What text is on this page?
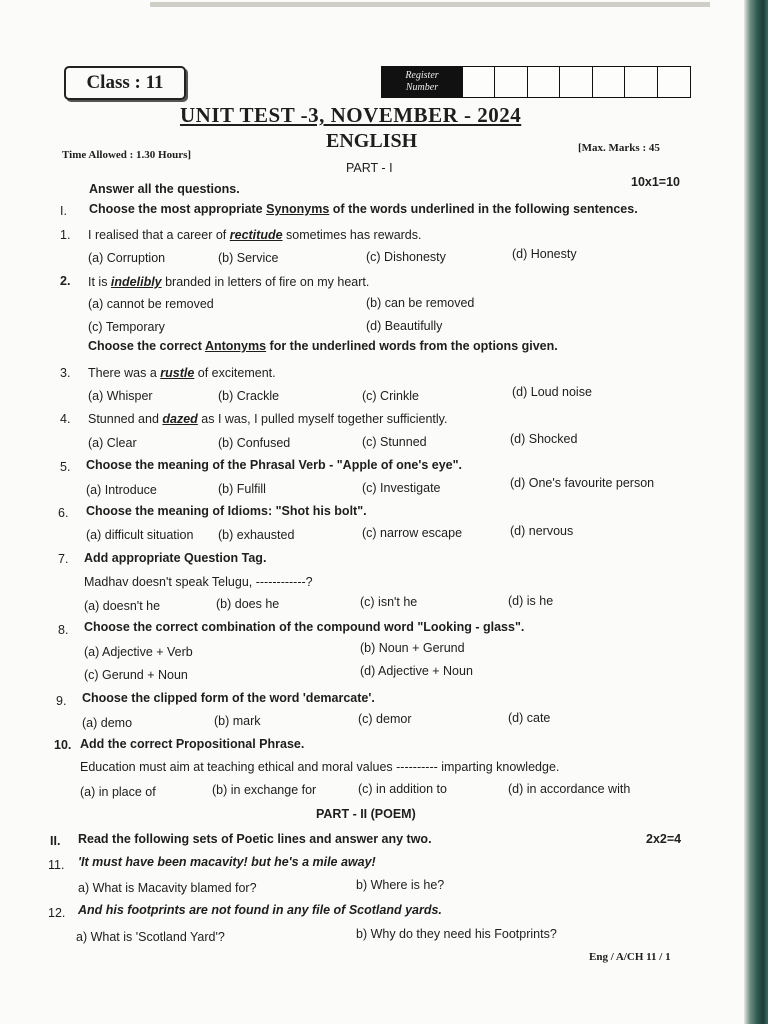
Class : 11	Register
Number
UNIT TEST -3, NOVEMBER - 2024
ENGLISH
Time Allowed : 1.30 Hours]
[Max. Marks : 45
PART - I
10x1=10
Answer all the questions.
I. Choose the most appropriate Synonyms of the words underlined in the following sentences.
1. I realised that a career of rectitude sometimes has rewards.
(a) Corruption	(b) Service	(c) Dishonesty	(d) Honesty
2. It is indelibly branded in letters of fire on my heart.
(a) cannot be removed	(b) can be removed
(c) Temporary	(d) Beautifully
Choose the correct Antonyms for the underlined words from the options given.
3. There was a rustle of excitement.
(a) Whisper	(b) Crackle	(c) Crinkle	(d) Loud noise
4. Stunned and dazed as I was, I pulled myself together sufficiently.
(a) Clear	(b) Confused	(c) Stunned	(d) Shocked
5. Choose the meaning of the Phrasal Verb - "Apple of one's eye".
(a) Introduce	(b) Fulfill	(c) Investigate	(d) One's favourite person
6. Choose the meaning of Idioms: "Shot his bolt".
(a) difficult situation (b) exhausted	(c) narrow escape	(d) nervous
7. Add appropriate Question Tag.
Madhav doesn't speak Telugu, ------------?
(a) doesn't he	(b) does he	(c) isn't he	(d) is he
8. Choose the correct combination of the compound word "Looking - glass".
(a) Adjective + Verb	(b) Noun + Gerund
(c) Gerund + Noun	(d) Adjective + Noun
9. Choose the clipped form of the word 'demarcate'.
(a) demo	(b) mark	(c) demor	(d) cate
10. Add the correct Propositional Phrase.
Education must aim at teaching ethical and moral values ---------- imparting knowledge.
(a) in place of	(b) in exchange for	(c) in addition to	(d) in accordance with
PART - II (POEM)
II. Read the following sets of Poetic lines and answer any two.	2x2=4
11. 'It must have been macavity! but he's a mile away!
a) What is Macavity blamed for?	b) Where is he?
12. And his footprints are not found in any file of Scotland yards.
a) What is 'Scotland Yard'?	b) Why do they need his Footprints?
Eng / A/CH 11 / 1
